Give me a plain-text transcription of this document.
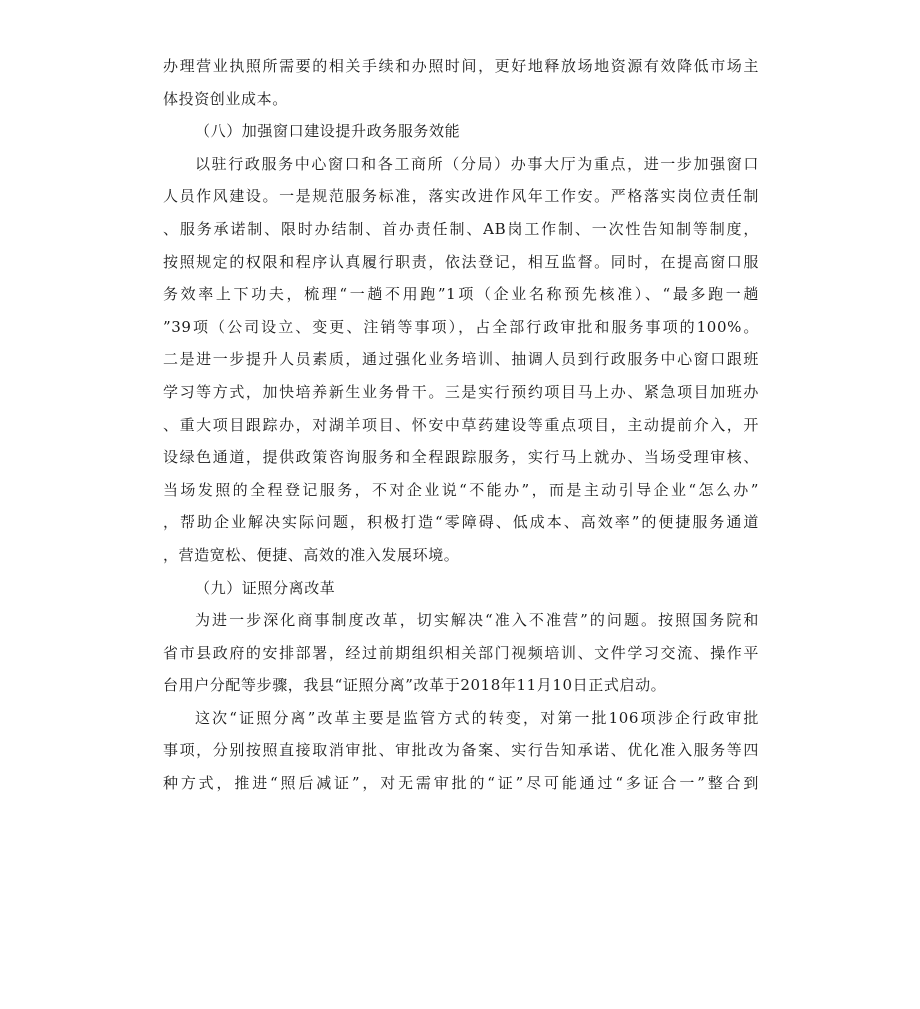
办理营业执照所需要的相关手续和办照时间，更好地释放场地资源有效降低市场主
体投资创业成本。
（八）加强窗口建设提升政务服务效能
以驻行政服务中心窗口和各工商所（分局）办事大厅为重点，进一步加强窗口
人员作风建设。一是规范服务标准，落实改进作风年工作安。严格落实岗位责任制
、服务承诺制、限时办结制、首办责任制、AB岗工作制、一次性告知制等制度，
按照规定的权限和程序认真履行职责，依法登记，相互监督。同时，在提高窗口服
务效率上下功夫，梳理“一趟不用跑”1项（企业名称预先核准）、“最多跑一趟
”39项（公司设立、变更、注销等事项），占全部行政审批和服务事项的100%。
二是进一步提升人员素质，通过强化业务培训、抽调人员到行政服务中心窗口跟班
学习等方式，加快培养新生业务骨干。三是实行预约项目马上办、紧急项目加班办
、重大项目跟踪办，对湖羊项目、怀安中草药建设等重点项目，主动提前介入，开
设绿色通道，提供政策咨询服务和全程跟踪服务，实行马上就办、当场受理审核、
当场发照的全程登记服务，不对企业说“不能办”，而是主动引导企业“怎么办”
，帮助企业解决实际问题，积极打造“零障碍、低成本、高效率”的便捷服务通道
，营造宽松、便捷、高效的准入发展环境。
（九）证照分离改革
为进一步深化商事制度改革，切实解决“准入不准营”的问题。按照国务院和
省市县政府的安排部署，经过前期组织相关部门视频培训、文件学习交流、操作平
台用户分配等步骤，我县“证照分离”改革于2018年11月10日正式启动。
这次“证照分离”改革主要是监管方式的转变，对第一批106项涉企行政审批
事项，分别按照直接取消审批、审批改为备案、实行告知承诺、优化准入服务等四
种方式，推进“照后减证”，对无需审批的“证”尽可能通过“多证合一”整合到
